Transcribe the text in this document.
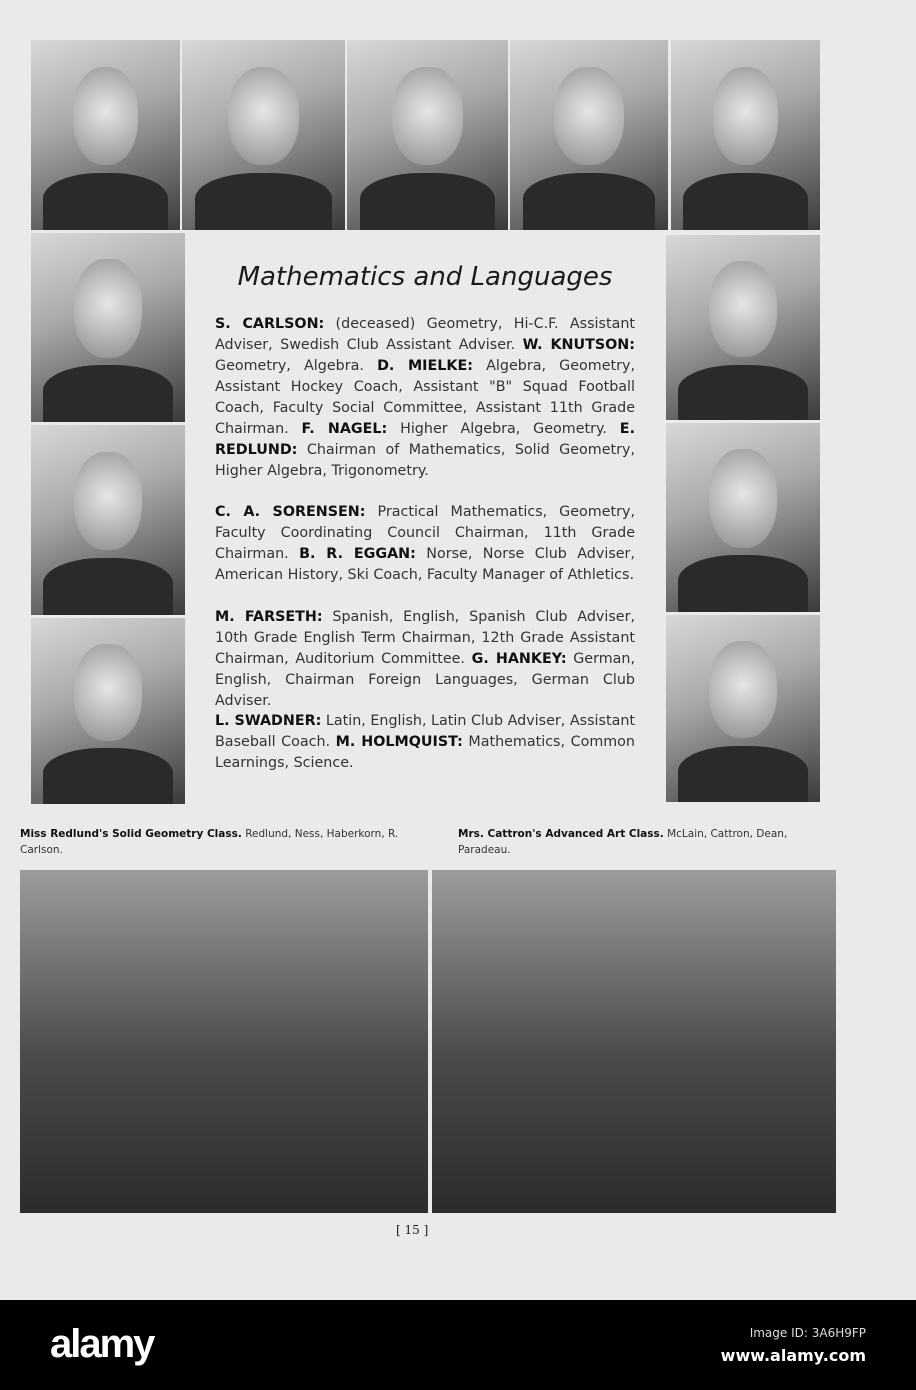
Mathematics and Languages
S. CARLSON: (deceased) Geometry, Hi-C.F. Assistant Adviser, Swedish Club Assistant Adviser. W. KNUTSON: Geometry, Algebra. D. MIELKE: Algebra, Geometry, Assistant Hockey Coach, Assistant "B" Squad Football Coach, Faculty Social Committee, Assistant 11th Grade Chairman. F. NAGEL: Higher Algebra, Geometry. E. REDLUND: Chairman of Mathematics, Solid Geometry, Higher Algebra, Trigonometry.
C. A. SORENSEN: Practical Mathematics, Geometry, Faculty Coordinating Council Chairman, 11th Grade Chairman. B. R. EGGAN: Norse, Norse Club Adviser, American History, Ski Coach, Faculty Manager of Athletics.
M. FARSETH: Spanish, English, Spanish Club Adviser, 10th Grade English Term Chairman, 12th Grade Assistant Chairman, Auditorium Committee. G. HANKEY: German, English, Chairman Foreign Languages, German Club Adviser.
L. SWADNER: Latin, English, Latin Club Adviser, Assistant Baseball Coach. M. HOLMQUIST: Mathematics, Common Learnings, Science.
Miss Redlund's Solid Geometry Class. Redlund, Ness, Haberkorn, R. Carlson.
Mrs. Cattron's Advanced Art Class. McLain, Cattron, Dean, Paradeau.
[ 15 ]
alamy	Image ID: 3A6H9FP
www.alamy.com
